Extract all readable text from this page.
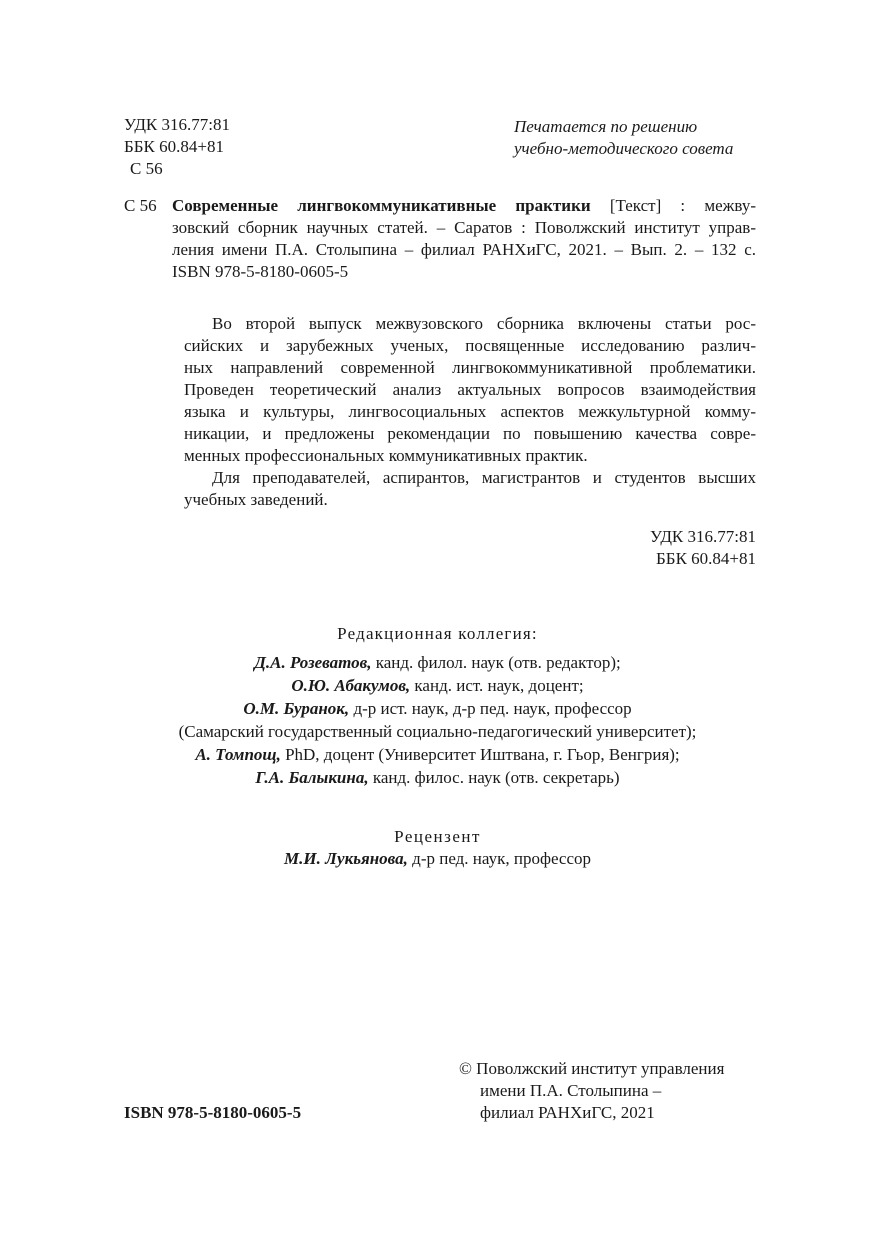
УДК 316.77:81
ББК 60.84+81
С 56
Печатается по решению
учебно-методического совета
С 56 Современные лингвокоммуникативные практики [Текст] : межву-
зовский сборник научных статей. – Саратов : Поволжский институт управ-
ления имени П.А. Столыпина – филиал РАНХиГС, 2021. – Вып. 2. – 132 с.
ISBN 978-5-8180-0605-5
Во второй выпуск межвузовского сборника включены статьи рос-
сийских и зарубежных ученых, посвященные исследованию различ-
ных направлений современной лингвокоммуникативной проблематики.
Проведен теоретический анализ актуальных вопросов взаимодействия
языка и культуры, лингвосоциальных аспектов межкультурной комму-
никации, и предложены рекомендации по повышению качества совре-
менных профессиональных коммуникативных практик.
Для преподавателей, аспирантов, магистрантов и студентов высших
учебных заведений.
УДК 316.77:81
ББК 60.84+81
Редакционная коллегия:
Д.А. Розеватов, канд. филол. наук (отв. редактор);
О.Ю. Абакумов, канд. ист. наук, доцент;
О.М. Буранок, д-р ист. наук, д-р пед. наук, профессор
(Самарский государственный социально-педагогический университет);
А. Томпощ, PhD, доцент (Университет Иштвана, г. Гьор, Венгрия);
Г.А. Балыкина, канд. филос. наук (отв. секретарь)
Рецензент
М.И. Лукьянова, д-р пед. наук, профессор
© Поволжский институт управления
имени П.А. Столыпина –
филиал РАНХиГС, 2021
ISBN 978-5-8180-0605-5
